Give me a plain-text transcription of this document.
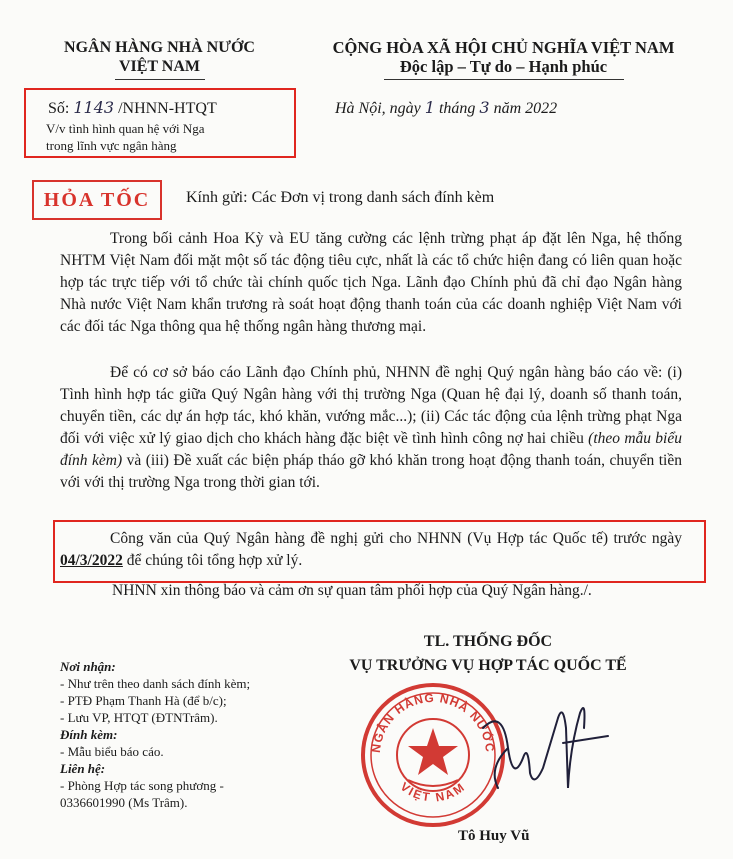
NGÂN HÀNG NHÀ NƯỚC
VIỆT NAM
CỘNG HÒA XÃ HỘI CHỦ NGHĨA VIỆT NAM
Độc lập – Tự do – Hạnh phúc
Số: 1143 /NHNN-HTQT
V/v tình hình quan hệ với Nga
trong lĩnh vực ngân hàng
Hà Nội, ngày 1 tháng 3 năm 2022
HỎA TỐC	Kính gửi: Các Đơn vị trong danh sách đính kèm
Trong bối cảnh Hoa Kỳ và EU tăng cường các lệnh trừng phạt áp đặt lên Nga, hệ thống NHTM Việt Nam đối mặt một số tác động tiêu cực, nhất là các tổ chức hiện đang có liên quan hoặc hợp tác trực tiếp với tổ chức tài chính quốc tịch Nga. Lãnh đạo Chính phủ đã chỉ đạo Ngân hàng Nhà nước Việt Nam khẩn trương rà soát hoạt động thanh toán của các doanh nghiệp Việt Nam với các đối tác Nga thông qua hệ thống ngân hàng thương mại.
Để có cơ sở báo cáo Lãnh đạo Chính phủ, NHNN đề nghị Quý ngân hàng báo cáo về: (i) Tình hình hợp tác giữa Quý Ngân hàng với thị trường Nga (Quan hệ đại lý, doanh số thanh toán, chuyển tiền, các dự án hợp tác, khó khăn, vướng mắc...); (ii) Các tác động của lệnh trừng phạt Nga đối với việc xử lý giao dịch cho khách hàng đặc biệt về tình hình công nợ hai chiều (theo mẫu biểu đính kèm) và (iii) Đề xuất các biện pháp tháo gỡ khó khăn trong hoạt động thanh toán, chuyển tiền với với thị trường Nga trong thời gian tới.
Công văn của Quý Ngân hàng đề nghị gửi cho NHNN (Vụ Hợp tác Quốc tế) trước ngày 04/3/2022 để chúng tôi tổng hợp xử lý.
NHNN xin thông báo và cảm ơn sự quan tâm phối hợp của Quý Ngân hàng./.
TL. THỐNG ĐỐC
VỤ TRƯỞNG VỤ HỢP TÁC QUỐC TẾ
Nơi nhận:
- Như trên theo danh sách đính kèm;
- PTĐ Phạm Thanh Hà (để b/c);
- Lưu VP, HTQT (ĐTNTrâm).
Đính kèm:
- Mẫu biểu báo cáo.
Liên hệ:
- Phòng Hợp tác song phương -
0336601990 (Ms Trâm).
NGÂN HÀNG NHÀ NƯỚC
VIỆT NAM
Tô Huy Vũ
